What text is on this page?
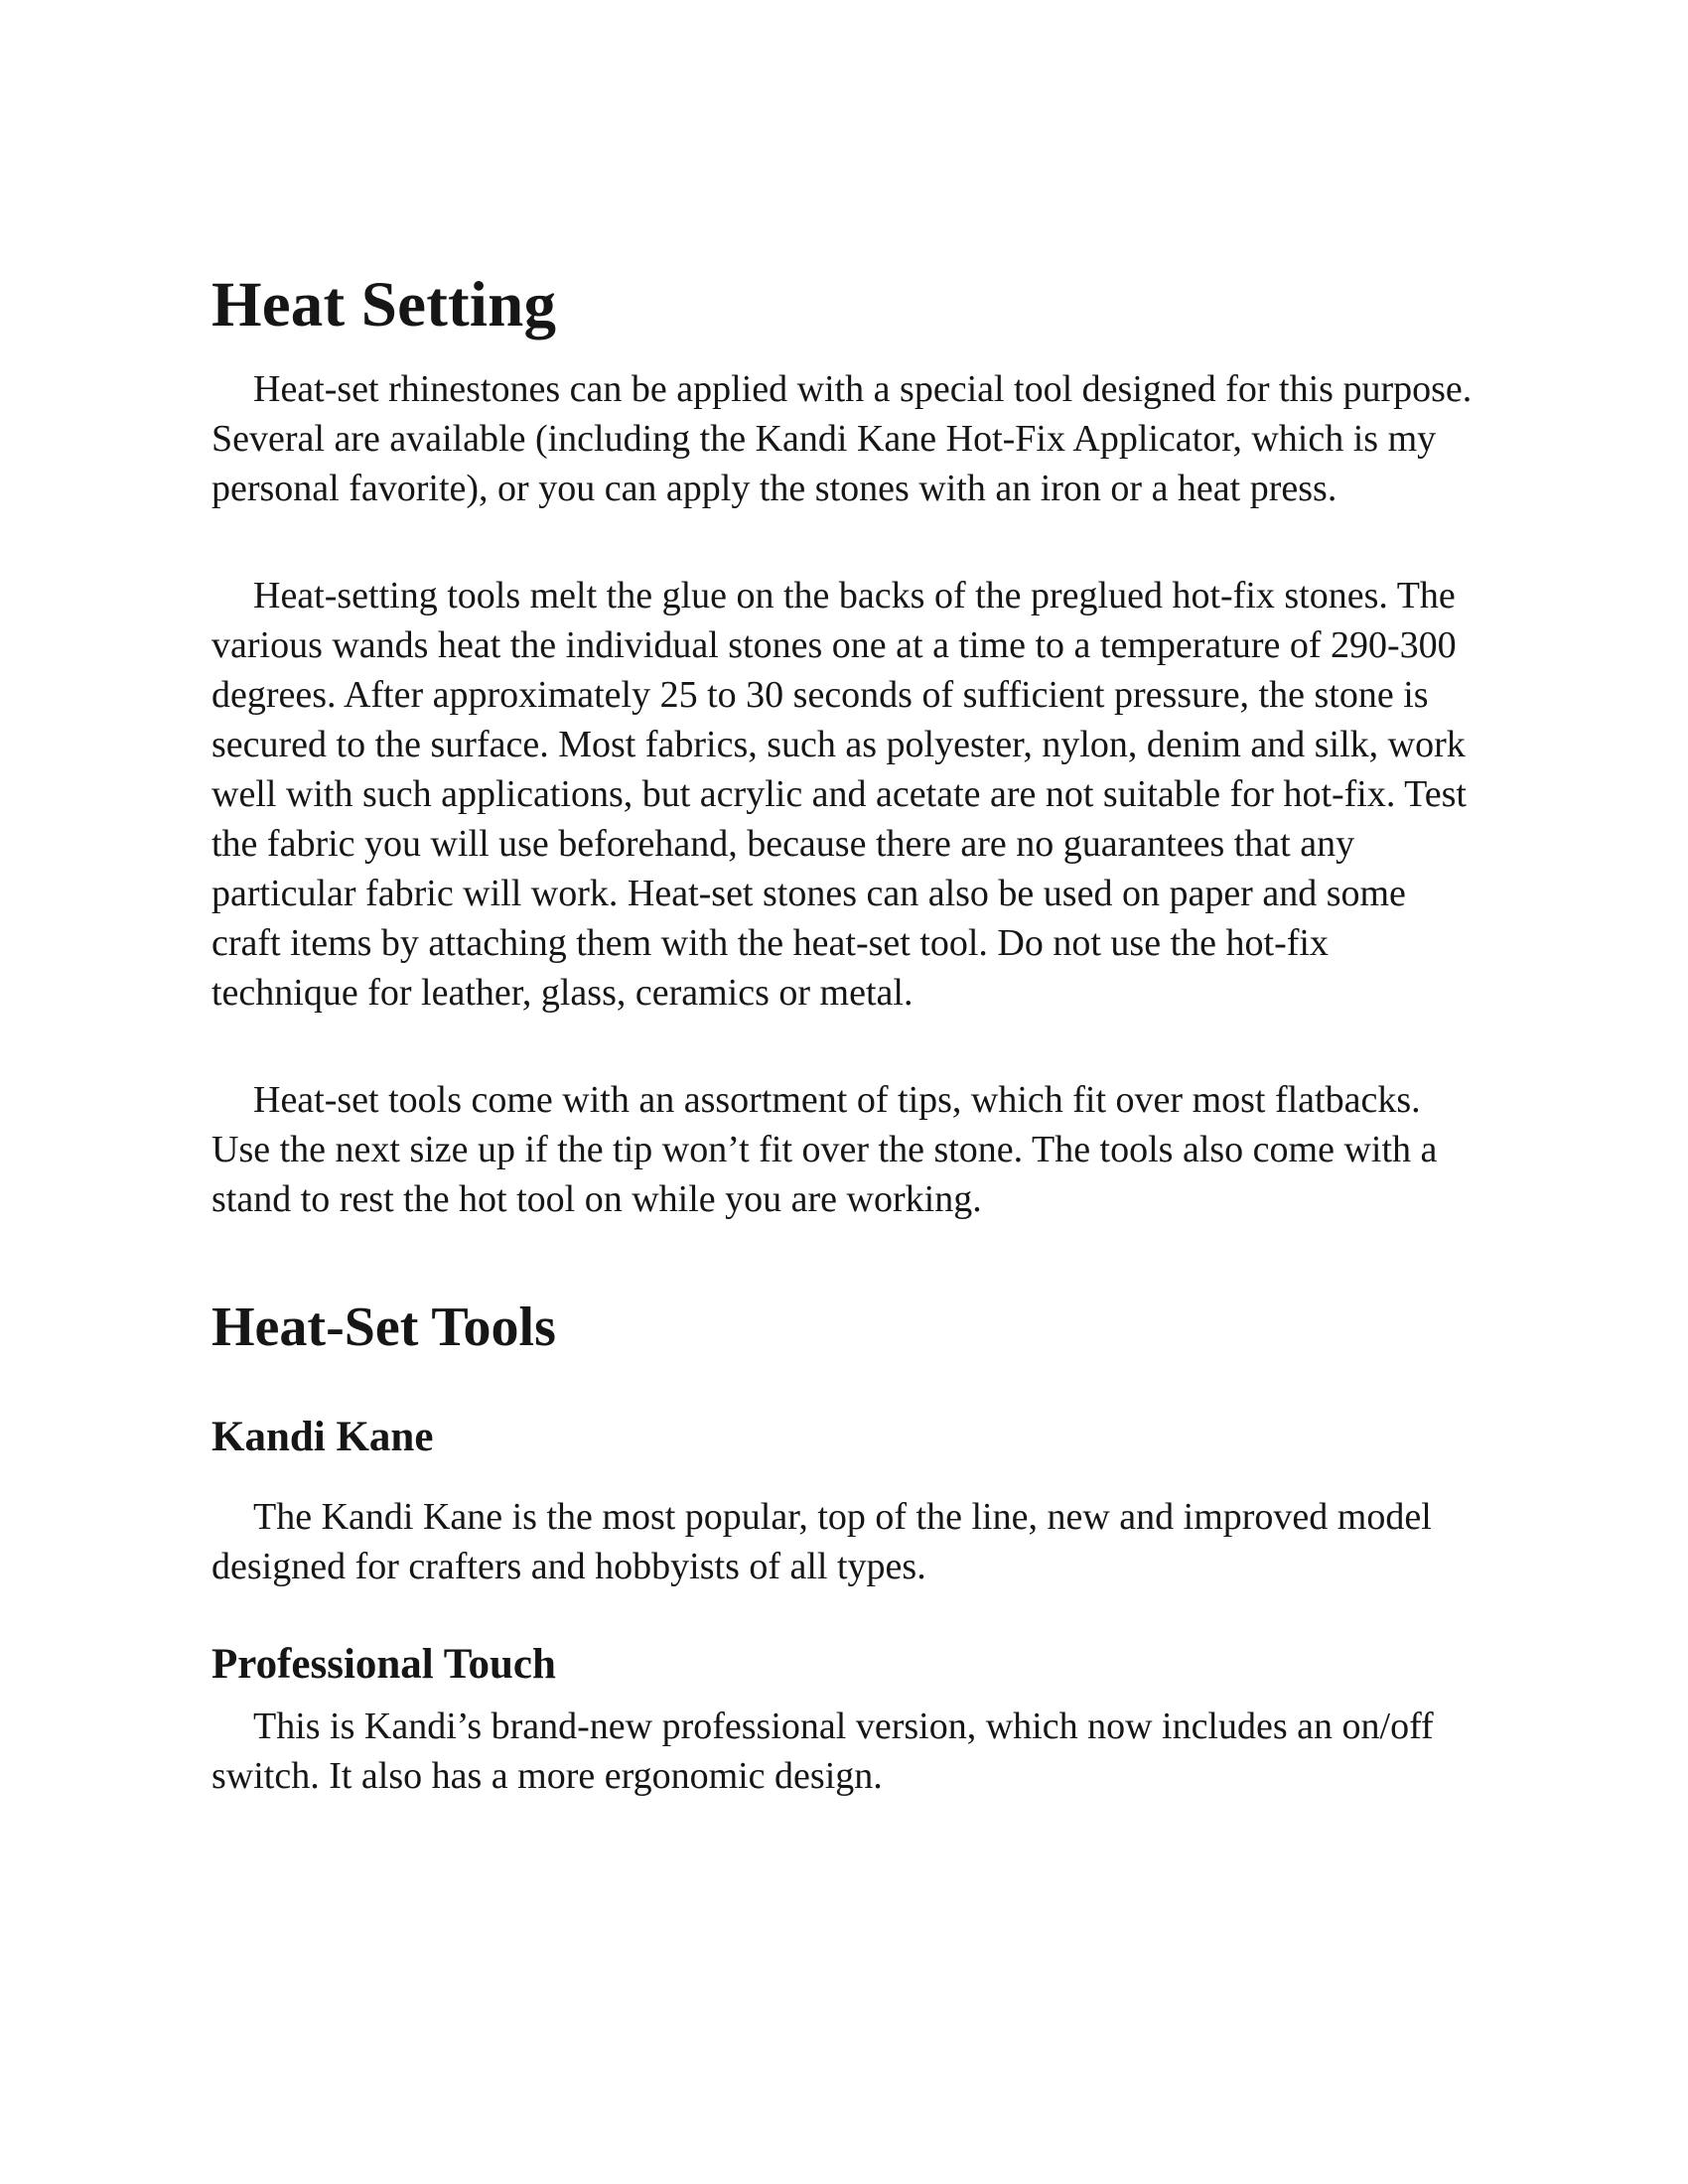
Heat Setting

Heat-set rhinestones can be applied with a special tool designed for this purpose. Several are available (including the Kandi Kane Hot-Fix Applicator, which is my personal favorite), or you can apply the stones with an iron or a heat press.

Heat-setting tools melt the glue on the backs of the preglued hot-fix stones. The various wands heat the individual stones one at a time to a temperature of 290-300 degrees. After approximately 25 to 30 seconds of sufficient pressure, the stone is secured to the surface. Most fabrics, such as polyester, nylon, denim and silk, work well with such applications, but acrylic and acetate are not suitable for hot-fix. Test the fabric you will use beforehand, because there are no guarantees that any particular fabric will work. Heat-set stones can also be used on paper and some craft items by attaching them with the heat-set tool. Do not use the hot-fix technique for leather, glass, ceramics or metal.

Heat-set tools come with an assortment of tips, which fit over most flatbacks. Use the next size up if the tip won’t fit over the stone. The tools also come with a stand to rest the hot tool on while you are working.

Heat-Set Tools
Kandi Kane

The Kandi Kane is the most popular, top of the line, new and improved model designed for crafters and hobbyists of all types.

Professional Touch

This is Kandi’s brand-new professional version, which now includes an on/off switch. It also has a more ergonomic design.
